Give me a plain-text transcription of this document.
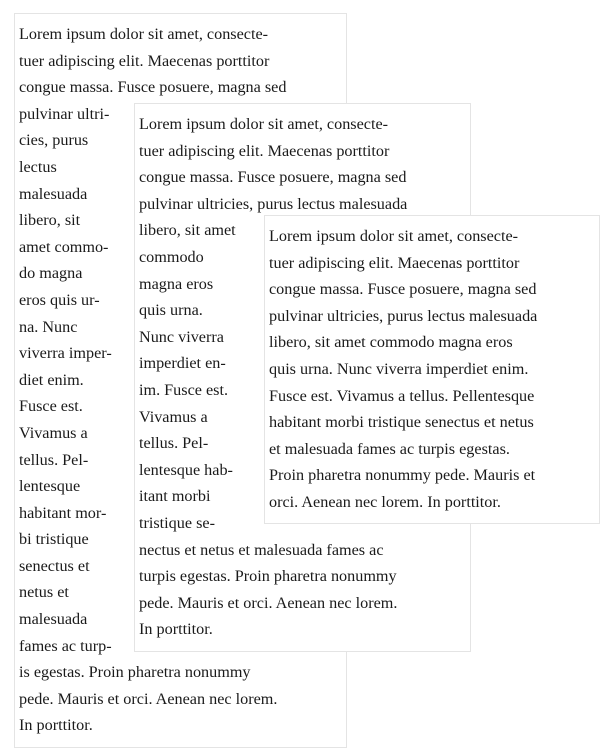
Lorem ipsum dolor sit amet, consecte-
tuer adipiscing elit. Maecenas porttitor
congue massa. Fusce posuere, magna sed
pulvinar ultri-
cies, purus
lectus
malesuada
libero, sit
amet commo-
do magna
eros quis ur-
na. Nunc
viverra imper-
diet enim.
Fusce est.
Vivamus a
tellus. Pel-
lentesque
habitant mor-
bi tristique
senectus et
netus et
malesuada
fames ac turp-
is egestas. Proin pharetra nonummy
pede. Mauris et orci. Aenean nec lorem.
In porttitor.
Lorem ipsum dolor sit amet, consecte-
tuer adipiscing elit. Maecenas porttitor
congue massa. Fusce posuere, magna sed
pulvinar ultricies, purus lectus malesuada
libero, sit amet
commodo
magna eros
quis urna.
Nunc viverra
imperdiet en-
im. Fusce est.
Vivamus a
tellus. Pel-
lentesque hab-
itant morbi
tristique se-
nectus et netus et malesuada fames ac
turpis egestas. Proin pharetra nonummy
pede. Mauris et orci. Aenean nec lorem.
In porttitor.
Lorem ipsum dolor sit amet, consecte-
tuer adipiscing elit. Maecenas porttitor
congue massa. Fusce posuere, magna sed
pulvinar ultricies, purus lectus malesuada
libero, sit amet commodo magna eros
quis urna. Nunc viverra imperdiet enim.
Fusce est. Vivamus a tellus. Pellentesque
habitant morbi tristique senectus et netus
et malesuada fames ac turpis egestas.
Proin pharetra nonummy pede. Mauris et
orci. Aenean nec lorem. In porttitor.
